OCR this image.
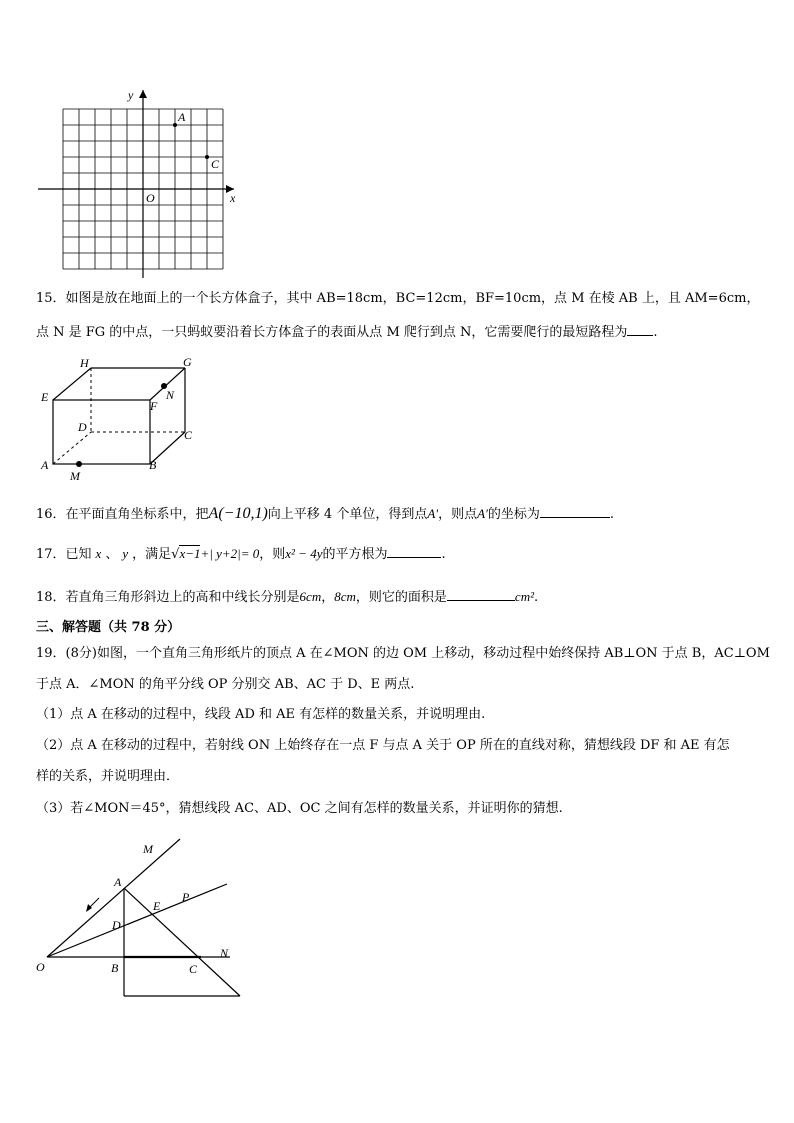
y
x
O
A
C
15．如图是放在地面上的一个长方体盒子，其中 AB=18cm，BC=12cm，BF=10cm，点 M 在棱 AB 上，且 AM=6cm，
点 N 是 FG 的中点，一只蚂蚁要沿着长方体盒子的表面从点 M 爬行到点 N，它需要爬行的最短路程为 .
H	G
E
F
N
D
C
A	B
M
16．在平面直角坐标系中，把A(−10,1)向上平移 4 个单位，得到点A'，则点A'的坐标为	.
17．已知 x 、 y ，满足√x−1+| y+2|= 0，则x² − 4y的平方根为	.
18．若直角三角形斜边上的高和中线长分别是6cm，8cm，则它的面积是	cm².
三、解答题（共 78 分）
19．(8分)如图，一个直角三角形纸片的顶点 A 在∠MON 的边 OM 上移动，移动过程中始终保持 AB⊥ON 于点 B，AC⊥OM
于点 A．∠MON 的角平分线 OP 分别交 AB、AC 于 D、E 两点.
（1）点 A 在移动的过程中，线段 AD 和 AE 有怎样的数量关系，并说明理由.
（2）点 A 在移动的过程中，若射线 ON 上始终存在一点 F 与点 A 关于 OP 所在的直线对称，猜想线段 DF 和 AE 有怎
样的关系，并说明理由．
（3）若∠MON＝45°，猜想线段 AC、AD、OC 之间有怎样的数量关系，并证明你的猜想.
M
A
P
E
D
N
O	B	C
